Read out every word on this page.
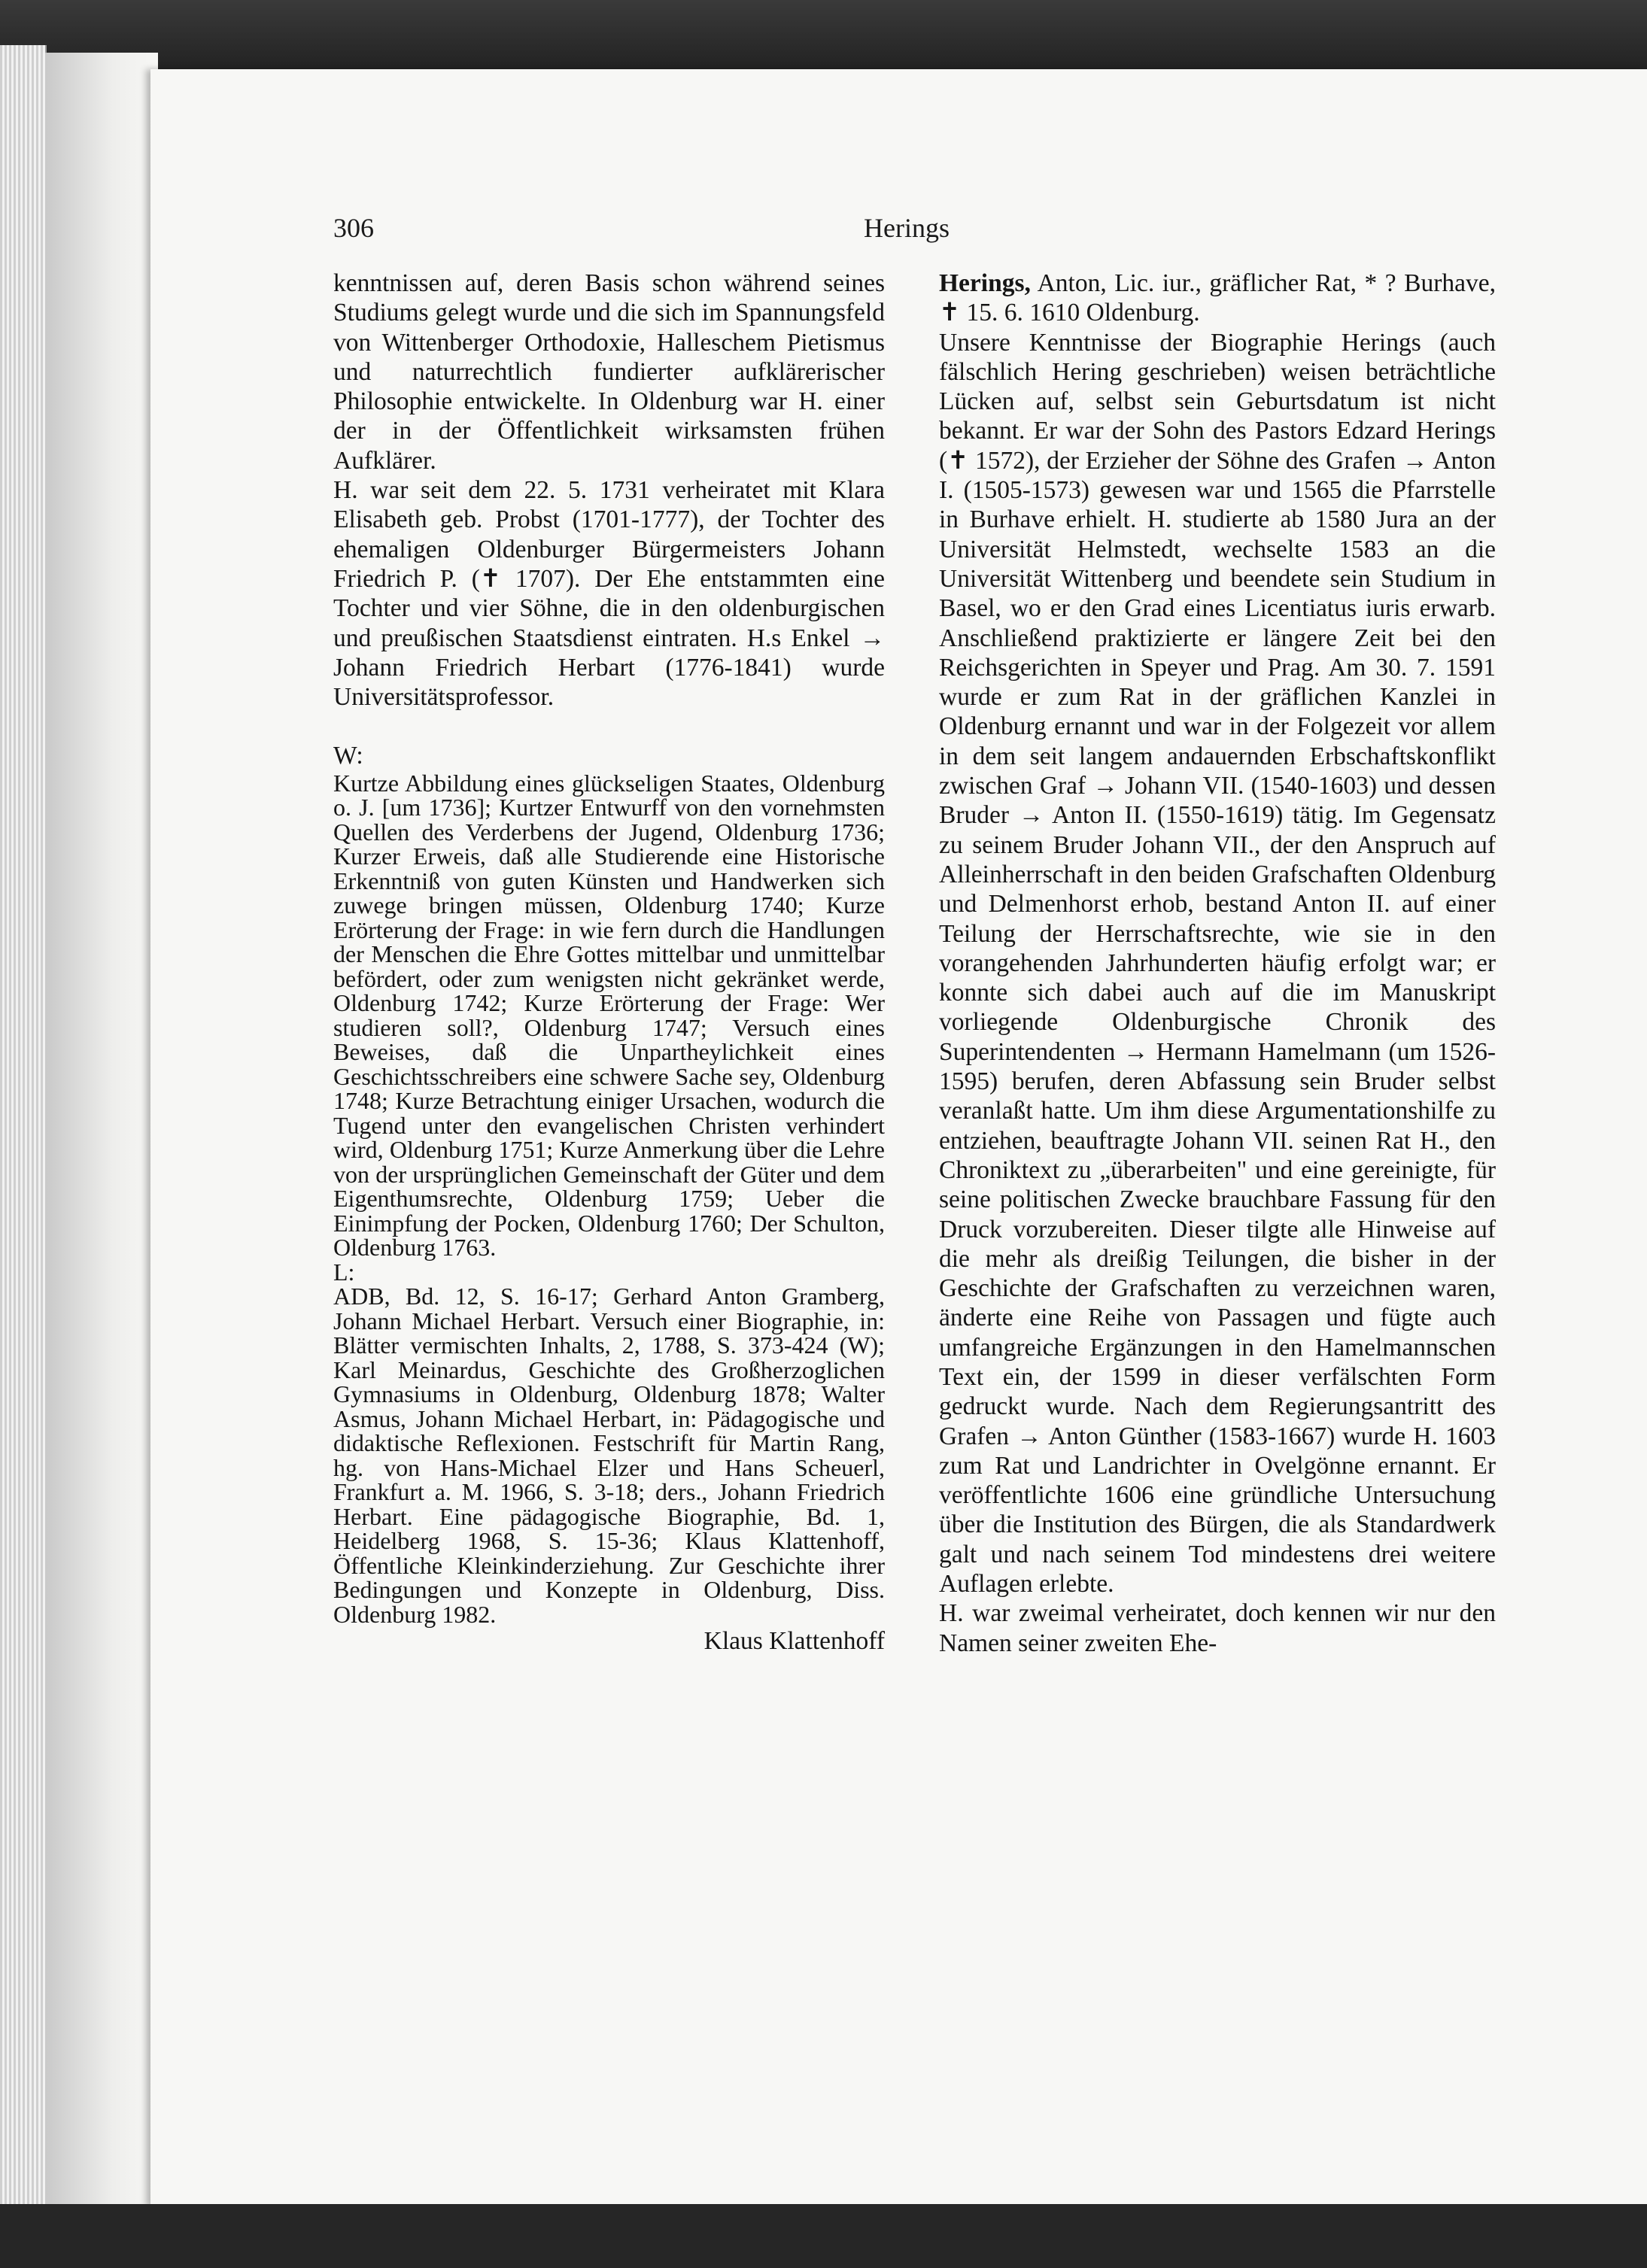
306	Herings

kenntnissen auf, deren Basis schon während seines Studiums gelegt wurde und die sich im Spannungsfeld von Wittenberger Orthodoxie, Halleschem Pietismus und naturrechtlich fundierter aufklärerischer Philosophie entwickelte. In Oldenburg war H. einer der in der Öffentlichkeit wirksamsten frühen Aufklärer.

H. war seit dem 22. 5. 1731 verheiratet mit Klara Elisabeth geb. Probst (1701-1777), der Tochter des ehemaligen Oldenburger Bürgermeisters Johann Friedrich P. (✝ 1707). Der Ehe entstammten eine Tochter und vier Söhne, die in den oldenburgischen und preußischen Staatsdienst eintraten. H.s Enkel → Johann Friedrich Herbart (1776-1841) wurde Universitätsprofessor.

W:

Kurtze Abbildung eines glückseligen Staates, Oldenburg o. J. [um 1736]; Kurtzer Entwurff von den vornehmsten Quellen des Verderbens der Jugend, Oldenburg 1736; Kurzer Erweis, daß alle Studierende eine Historische Erkenntniß von guten Künsten und Handwerken sich zuwege bringen müssen, Oldenburg 1740; Kurze Erörterung der Frage: in wie fern durch die Handlungen der Menschen die Ehre Gottes mittelbar und unmittelbar befördert, oder zum wenigsten nicht gekränket werde, Oldenburg 1742; Kurze Erörterung der Frage: Wer studieren soll?, Oldenburg 1747; Versuch eines Beweises, daß die Unpartheylichkeit eines Geschichtsschreibers eine schwere Sache sey, Oldenburg 1748; Kurze Betrachtung einiger Ursachen, wodurch die Tugend unter den evangelischen Christen verhindert wird, Oldenburg 1751; Kurze Anmerkung über die Lehre von der ursprünglichen Gemeinschaft der Güter und dem Eigenthumsrechte, Oldenburg 1759; Ueber die Einimpfung der Pocken, Oldenburg 1760; Der Schulton, Oldenburg 1763.

L:

ADB, Bd. 12, S. 16-17; Gerhard Anton Gramberg, Johann Michael Herbart. Versuch einer Biographie, in: Blätter vermischten Inhalts, 2, 1788, S. 373-424 (W); Karl Meinardus, Geschichte des Großherzoglichen Gymnasiums in Oldenburg, Oldenburg 1878; Walter Asmus, Johann Michael Herbart, in: Pädagogische und didaktische Reflexionen. Festschrift für Martin Rang, hg. von Hans-Michael Elzer und Hans Scheuerl, Frankfurt a. M. 1966, S. 3-18; ders., Johann Friedrich Herbart. Eine pädagogische Biographie, Bd. 1, Heidelberg 1968, S. 15-36; Klaus Klattenhoff, Öffentliche Kleinkinderziehung. Zur Geschichte ihrer Bedingungen und Konzepte in Oldenburg, Diss. Oldenburg 1982.

Klaus Klattenhoff

Herings, Anton, Lic. iur., gräflicher Rat, * ? Burhave, ✝ 15. 6. 1610 Oldenburg.

Unsere Kenntnisse der Biographie Herings (auch fälschlich Hering geschrieben) weisen beträchtliche Lücken auf, selbst sein Geburtsdatum ist nicht bekannt. Er war der Sohn des Pastors Edzard Herings (✝ 1572), der Erzieher der Söhne des Grafen → Anton I. (1505-1573) gewesen war und 1565 die Pfarrstelle in Burhave erhielt. H. studierte ab 1580 Jura an der Universität Helmstedt, wechselte 1583 an die Universität Wittenberg und beendete sein Studium in Basel, wo er den Grad eines Licentiatus iuris erwarb. Anschließend praktizierte er längere Zeit bei den Reichsgerichten in Speyer und Prag. Am 30. 7. 1591 wurde er zum Rat in der gräflichen Kanzlei in Oldenburg ernannt und war in der Folgezeit vor allem in dem seit langem andauernden Erbschaftskonflikt zwischen Graf → Johann VII. (1540-1603) und dessen Bruder → Anton II. (1550-1619) tätig. Im Gegensatz zu seinem Bruder Johann VII., der den Anspruch auf Alleinherrschaft in den beiden Grafschaften Oldenburg und Delmenhorst erhob, bestand Anton II. auf einer Teilung der Herrschaftsrechte, wie sie in den vorangehenden Jahrhunderten häufig erfolgt war; er konnte sich dabei auch auf die im Manuskript vorliegende Oldenburgische Chronik des Superintendenten → Hermann Hamelmann (um 1526-1595) berufen, deren Abfassung sein Bruder selbst veranlaßt hatte. Um ihm diese Argumentationshilfe zu entziehen, beauftragte Johann VII. seinen Rat H., den Chroniktext zu „überarbeiten" und eine gereinigte, für seine politischen Zwecke brauchbare Fassung für den Druck vorzubereiten. Dieser tilgte alle Hinweise auf die mehr als dreißig Teilungen, die bisher in der Geschichte der Grafschaften zu verzeichnen waren, änderte eine Reihe von Passagen und fügte auch umfangreiche Ergänzungen in den Hamelmannschen Text ein, der 1599 in dieser verfälschten Form gedruckt wurde. Nach dem Regierungsantritt des Grafen → Anton Günther (1583-1667) wurde H. 1603 zum Rat und Landrichter in Ovelgönne ernannt. Er veröffentlichte 1606 eine gründliche Untersuchung über die Institution des Bürgen, die als Standardwerk galt und nach seinem Tod mindestens drei weitere Auflagen erlebte.

H. war zweimal verheiratet, doch kennen wir nur den Namen seiner zweiten Ehe-
